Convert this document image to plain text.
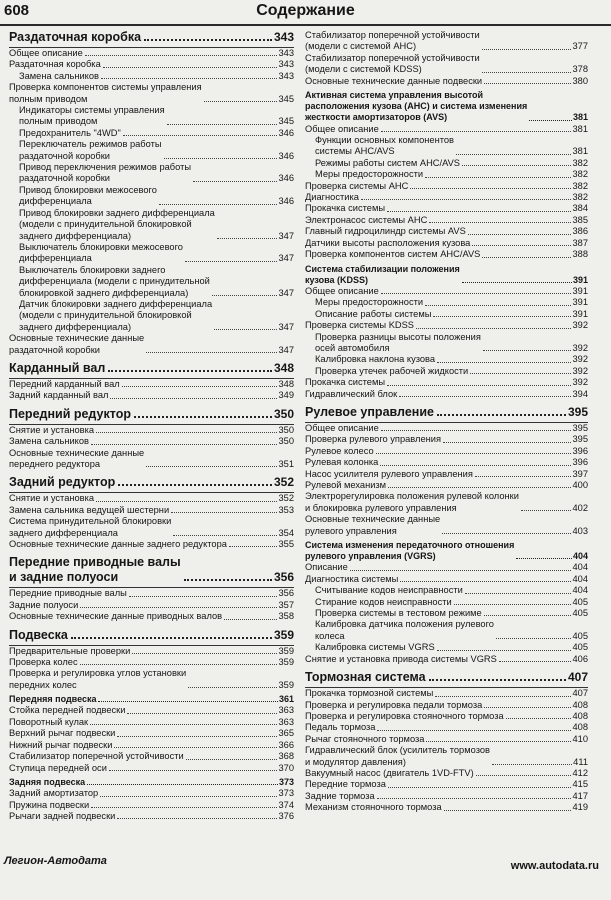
608	Содержание
Раздаточная коробка	343
Общее описание	343
Раздаточная коробка	343
Замена сальников	343
Проверка компонентов системы управления
полным приводом	345
Индикаторы системы управления
полным приводом	345
Предохранитель "4WD"	346
Переключатель режимов работы
раздаточной коробки	346
Привод переключения режимов работы
раздаточной коробки	346
Привод блокировки межосевого
дифференциала	346
Привод блокировки заднего дифференциала
(модели с принудительной блокировкой
заднего дифференциала)	347
Выключатель блокировки межосевого
дифференциала	347
Выключатель блокировки заднего
дифференциала (модели с принудительной
блокировкой заднего дифференциала)	347
Датчик блокировки заднего дифференциала
(модели с принудительной блокировкой
заднего дифференциала)	347
Основные технические данные
раздаточной коробки	347
Карданный вал	348
Передний карданный вал	348
Задний карданный вал	349
Передний редуктор	350
Снятие и установка	350
Замена сальников	350
Основные технические данные
переднего редуктора	351
Задний редуктор	352
Снятие и установка	352
Замена сальника ведущей шестерни	353
Система принудительной блокировки
заднего дифференциала	354
Основные технические данные заднего редуктора	355
Передние приводные валы
и задние полуоси	356
Передние приводные валы	356
Задние полуоси	357
Основные технические данные приводных валов	358
Подвеска	359
Предварительные проверки	359
Проверка колес	359
Проверка и регулировка углов установки
передних колес	359
Передняя подвеска	361
Стойка передней подвески	363
Поворотный кулак	363
Верхний рычаг подвески	365
Нижний рычаг подвески	366
Стабилизатор поперечной устойчивости	368
Ступица передней оси	370
Задняя подвеска	373
Задний амортизатор	373
Пружина подвески	374
Рычаги задней подвески	376
Стабилизатор поперечной устойчивости
(модели с системой AHC)	377
Стабилизатор поперечной устойчивости
(модели с системой KDSS)	378
Основные технические данные подвески	380
Активная система управления высотой
расположения кузова (AHC) и система изменения
жесткости амортизаторов (AVS)	381
Общее описание	381
Функции основных компонентов
системы AHC/AVS	381
Режимы работы систем AHC/AVS	382
Меры предосторожности	382
Проверка системы AHC	382
Диагностика	382
Прокачка системы	384
Электронасос системы AHC	385
Главный гидроцилиндр системы AVS	386
Датчики высоты расположения кузова	387
Проверка компонентов систем AHC/AVS	388
Система стабилизации положения
кузова (KDSS)	391
Общее описание	391
Меры предосторожности	391
Описание работы системы	391
Проверка системы KDSS	392
Проверка разницы высоты положения
осей автомобиля	392
Калибровка наклона кузова	392
Проверка утечек рабочей жидкости	392
Прокачка системы	392
Гидравлический блок	394
Рулевое управление	395
Общее описание	395
Проверка рулевого управления	395
Рулевое колесо	396
Рулевая колонка	396
Насос усилителя рулевого управления	397
Рулевой механизм	400
Электрорегулировка положения рулевой колонки
и блокировка рулевого управления	402
Основные технические данные
рулевого управления	403
Система изменения передаточного отношения
рулевого управления (VGRS)	404
Описание	404
Диагностика системы	404
Считывание кодов неисправности	404
Стирание кодов неисправности	405
Проверка системы в тестовом режиме	405
Калибровка датчика положения рулевого
колеса	405
Калибровка системы VGRS	405
Снятие и установка привода системы VGRS	406
Тормозная система	407
Прокачка тормозной системы	407
Проверка и регулировка педали тормоза	408
Проверка и регулировка стояночного тормоза	408
Педаль тормоза	408
Рычаг стояночного тормоза	410
Гидравлический блок (усилитель тормозов
и модулятор давления)	411
Вакуумный насос (двигатель 1VD-FTV)	412
Передние тормоза	415
Задние тормоза	417
Механизм стояночного тормоза	419
Легион-Автодата	www.autodata.ru
